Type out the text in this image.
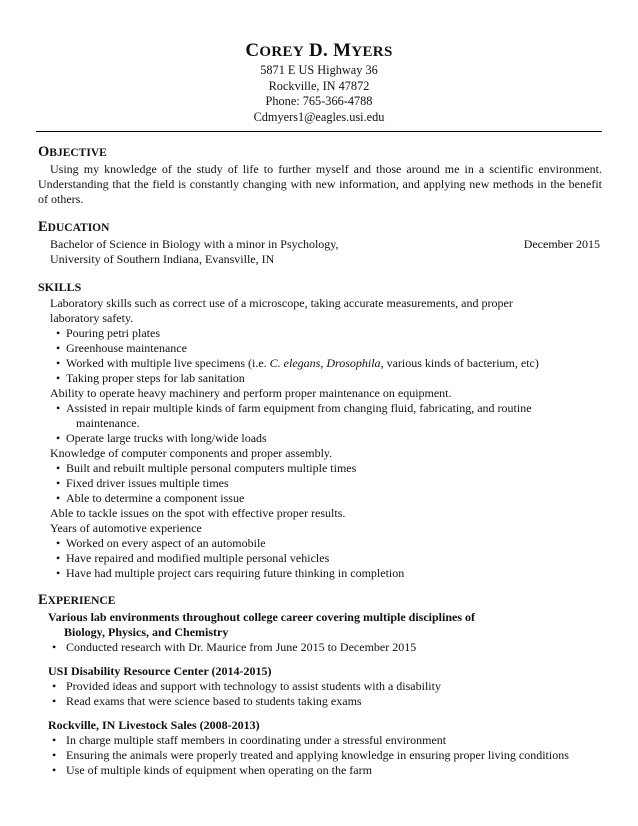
COREY D. MYERS
5871 E US Highway 36
Rockville, IN 47872
Phone: 765-366-4788
Cdmyers1@eagles.usi.edu
OBJECTIVE
Using my knowledge of the study of life to further myself and those around me in a scientific environment. Understanding that the field is constantly changing with new information, and applying new methods in the benefit of others.
EDUCATION
Bachelor of Science in Biology with a minor in Psychology,	December 2015
University of Southern Indiana, Evansville, IN
SKILLS
Laboratory skills such as correct use of a microscope, taking accurate measurements, and proper laboratory safety.
• Pouring petri plates
• Greenhouse maintenance
• Worked with multiple live specimens (i.e. C. elegans, Drosophila, various kinds of bacterium, etc)
• Taking proper steps for lab sanitation
Ability to operate heavy machinery and perform proper maintenance on equipment.
• Assisted in repair multiple kinds of farm equipment from changing fluid, fabricating, and routine
maintenance.
• Operate large trucks with long/wide loads
Knowledge of computer components and proper assembly.
• Built and rebuilt multiple personal computers multiple times
• Fixed driver issues multiple times
• Able to determine a component issue
Able to tackle issues on the spot with effective proper results.
Years of automotive experience
• Worked on every aspect of an automobile
• Have repaired and modified multiple personal vehicles
• Have had multiple project cars requiring future thinking in completion
EXPERIENCE
Various lab environments throughout college career covering multiple disciplines of
Biology, Physics, and Chemistry
• Conducted research with Dr. Maurice from June 2015 to December 2015
USI Disability Resource Center (2014-2015)
• Provided ideas and support with technology to assist students with a disability
• Read exams that were science based to students taking exams
Rockville, IN Livestock Sales (2008-2013)
• In charge multiple staff members in coordinating under a stressful environment
• Ensuring the animals were properly treated and applying knowledge in ensuring proper living conditions
• Use of multiple kinds of equipment when operating on the farm
